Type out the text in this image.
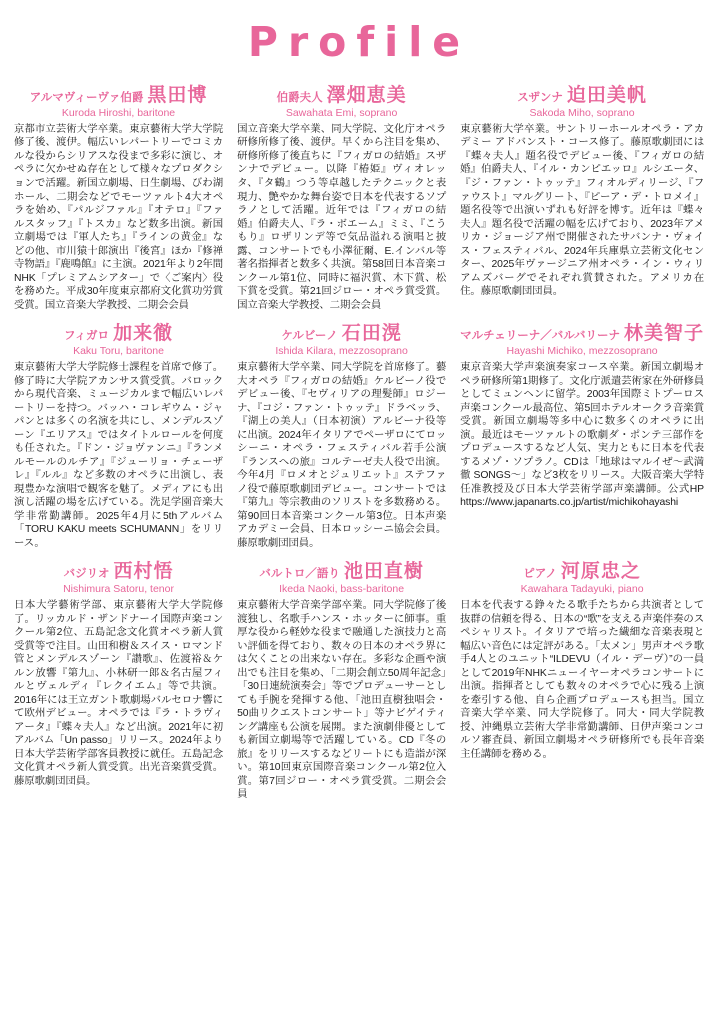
Profile
アルマヴィーヴァ伯爵 黒田博
Kuroda Hiroshi, baritone
京都市立芸術大学卒業。東京藝術大学大学院修了後、渡伊。幅広いレパートリーでコミカルな役からシリアスな役まで多彩に演じ、オペラに欠かせぬ存在として様々なプロダクションで活躍。新国立劇場、日生劇場、びわ湖ホール、二期会などでモーツァルト4大オペラを始め、『パルジファル』『オテロ』『ファルスタッフ』『トスカ』など数多出演。新国立劇場では『軍人たち』『ラインの黄金』などの他、市川猿十郎演出『後宮』ほか『修禅寺物語』『鹿鳴館』に主演。2021年より2年間NHK「プレミアムシアター」で〈ご案内〉役を務めた。平成30年度東京都府文化賞功労賞受賞。国立音楽大学教授、二期会会員
伯爵夫人 澤畑恵美
Sawahata Emi, soprano
国立音楽大学卒業、同大学院、文化庁オペラ研修所修了後、渡伊。早くから注目を集め、研修所修了後直ちに『フィガロの結婚』スザンナでデビュー。以降『椿姫』ヴィオレッタ、『タ鶴』つう等卓越したテクニックと表現力、艶やかな舞台姿で日本を代表するソプラノとして活躍。近年では『フィガロの結婚』伯爵夫人、『ラ・ボエーム』ミミ、『こうもり』ロザリンデ等で気品溢れる演唱と披露、コンサートでも小澤征爾、E.インバル等著名指揮者と数多く共演。第58回日本音楽コンクール第1位、同時に福沢賞、木下賞、松下賞を受賞。第21回ジロー・オペラ賞受賞。国立音楽大学教授、二期会会員
スザンナ 迫田美帆
Sakoda Miho, soprano
東京藝術大学卒業。サントリーホールオペラ・アカデミー アドバンスト・コース修了。藤原歌劇団には『蝶々夫人』題名役でデビュー後、『フィガロの結婚』伯爵夫人、『イル・カンピエッロ』ルシエータ、『ジ・ファン・トゥッテ』フィオルディリージ、『ファウスト』マルグリート、『ピーア・デ・トロメイ』題名役等で出演いずれも好評を博す。近年は『蝶々夫人』題名役で活躍の幅を広げており、2023年アメリカ・ジョージア州で開催されたサバンナ・ヴォイス・フェスティバル、2024年兵庫県立芸術文化センター、2025年ヴァージニア州オペラ・イン・ウィリアムズバーグでそれぞれ賞賛された。アメリカ在住。藤原歌劇団団員。
フィガロ 加来徹
Kaku Toru, baritone
東京藝術大学大学院修士課程を首席で修了。修了時に大学院アカンサス賞受賞。バロックから現代音楽、ミュージカルまで幅広いレパートリーを持つ。バッハ・コレギウム・ジャパンとは多くの名演を共にし、メンデルスゾーン『エリアス』ではタイトルロールを何度も任された。『ドン・ジョヴァンニ』『ランメルモールのルチア』『ジューリョ・チェーザレ』『ルル』など多数のオペラに出演し、表現豊かな演唱で観客を魅了。メディアにも出演し活躍の場を広げている。洗足学園音楽大学非常勤講師。2025年4月に5thアルバム「TORU KAKU meets SCHUMANN」をリリース。
ケルビーノ 石田滉
Ishida Kilara, mezzosoprano
東京藝術大学卒業、同大学院を首席修了。藝大オペラ『フィガロの結婚』ケルビーノ役でデビュー後、『セヴィリアの理髪師』ロジーナ、『コジ・ファン・トゥッテ』ドラベッラ、『湖上の美人』（日本初演）アルビーナ役等に出演。2024年イタリアでペーザロにてロッシーニ・オペラ・フェスティバル若手公演『ランスへの旅』コルテーゼ夫人役で出演。今年4月『ロメオとジュリエット』ステファノ役で藤原歌劇団デビュー。コンサートでは『第九』等宗教曲のソリストを多数務める。第90回日本音楽コンクール第3位。日本声楽アカデミー会員、日本ロッシーニ協会会員。藤原歌劇団団員。
マルチェリーナ／バルバリーナ 林美智子
Hayashi Michiko, mezzosoprano
東京音楽大学声楽演奏家コース卒業。新国立劇場オペラ研修所第1期修了。文化庁派遣芸術家在外研修員としてミュンヘンに留学。2003年国際ミトプーロス声楽コンクール最高位、第5回ホテルオークラ音楽賞受賞。新国立劇場等多中心に数多くのオペラに出演。最近はモーツァルトの歌劇ダ・ポンテ三部作をプロデュースするなど人気、実力ともに日本を代表するメゾ・ソプラノ。CDは「地球はマルイぜ〜武満徹 SONGS〜」など3枚をリリース。大阪音楽大学特任准教授及び日本大学芸術学部声楽講師。公式HP https://www.japanarts.co.jp/artist/michikohayashi
バジリオ 西村悟
Nishimura Satoru, tenor
日本大学藝術学部、東京藝術大学大学院修了。リッカルド・ザンドナーイ国際声楽コンクール第2位、五島記念文化賞オペラ新人賞受賞等で注目。山田和樹＆スイス・ロマンド管とメンデルスゾーン『讃歌』、佐渡裕＆ケルン放響『第九』、小林研一郎＆名古屋フィルとヴェルディ『レクイエム』等で共演。2016年には王立ガント歌劇場バルセロナ響にて欧州デビュー。オペラでは『ラ・トラヴィアータ』『蝶々夫人』など出演。2021年に初アルバム「Un passo」リリース。2024年より日本大学芸術学部客員教授に就任。五島記念文化賞オペラ新人賞受賞。出光音楽賞受賞。藤原歌劇団団員。
バルトロ／語り 池田直樹
Ikeda Naoki, bass-baritone
東京藝術大学音楽学部卒業。同大学院修了後渡独し、名歌手ハンス・ホッターに師事。重厚な役から軽妙な役まで融通した演技力と高い評価を得ており、数々の日本のオペラ界には欠くことの出来ない存在。多彩な企画や演出でも注目を集め、「二期会創立50周年記念」「30日連続演奏会」等でプロデューサーとしても手腕を発揮する他、「池田直樹独唱会・50曲リクエストコンサート」等ナビゲイティング講座も公演を展開。また演劇俳優としても新国立劇場等で活躍している。CD『冬の旅』をリリースするなどリートにも造詣が深い。第10回東京国際音楽コンクール第2位入賞。第7回ジロー・オペラ賞受賞。二期会会員
ピアノ 河原忠之
Kawahara Tadayuki, piano
日本を代表する錚々たる歌手たちから共演者として抜群の信頼を得る、日本の“歌”を支える声楽伴奏のスペシャリスト。イタリアで培った繊細な音楽表現と幅広い音色には定評がある。「太メン」男声オペラ歌手4人とのユニット“ILDEVU（イル・デーヴ）”の一員として2019年NHKニューイヤーオペラコンサートに出演。指揮者としても数々のオペラで心に残る上演を牽引する他、自ら企画プロデュースも担当。国立音楽大学卒業、同大学院修了。同大・同大学院教授、沖縄県立芸術大学非常勤講師、日伊声楽コンコルソ審査員、新国立劇場オペラ研修所でも長年音楽主任講師を務める。
